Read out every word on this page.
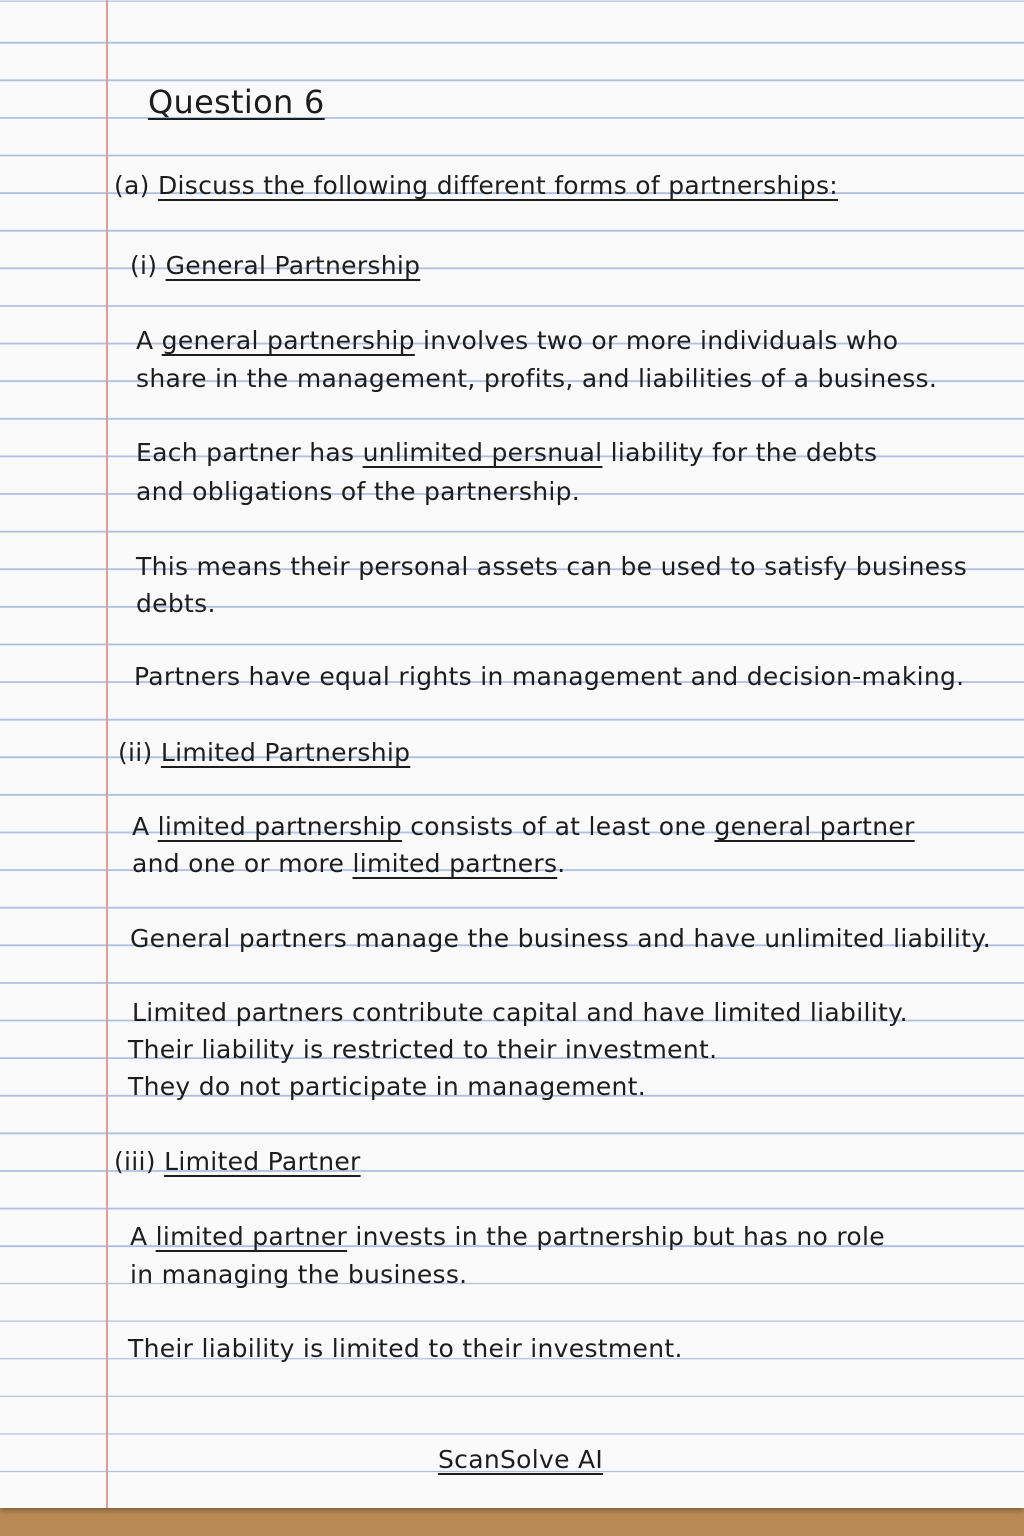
Question 6
(a) Discuss the following different forms of partnerships:
(i) General Partnership
A general partnership involves two or more individuals who
share in the management, profits, and liabilities of a business.
Each partner has unlimited persnual liability for the debts
and obligations of the partnership.
This means their personal assets can be used to satisfy business
debts.
Partners have equal rights in management and decision-making.
(ii) Limited Partnership
A limited partnership consists of at least one general partner
and one or more limited partners.
General partners manage the business and have unlimited liability.
Limited partners contribute capital and have limited liability.
Their liability is restricted to their investment.
They do not participate in management.
(iii) Limited Partner
A limited partner invests in the partnership but has no role
in managing the business.
Their liability is limited to their investment.
ScanSolve AI
